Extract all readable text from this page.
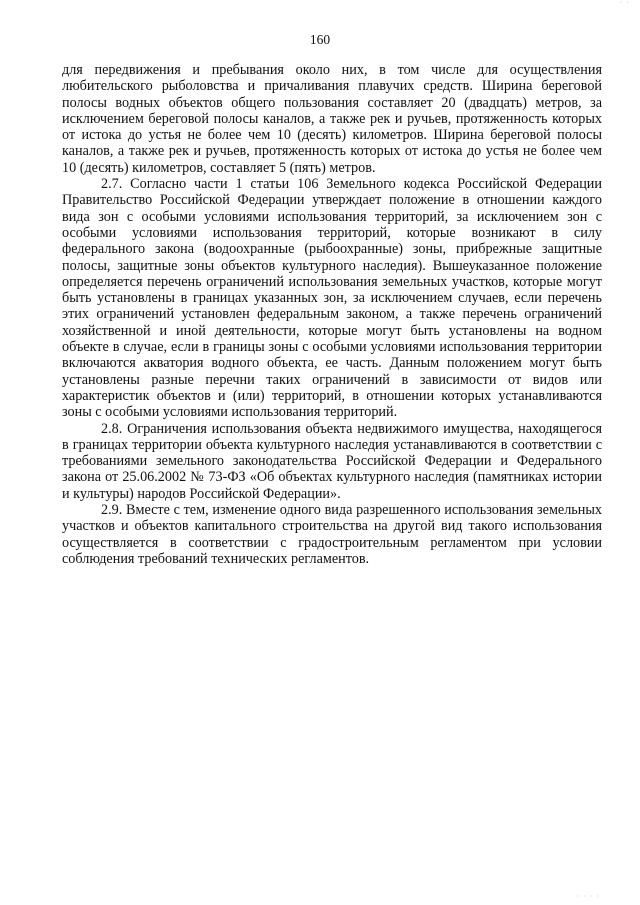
· ·
160

для передвижения и пребывания около них, в том числе для осуществления любительского рыболовства и причаливания плавучих средств. Ширина береговой полосы водных объектов общего пользования составляет 20 (двадцать) метров, за исключением береговой полосы каналов, а также рек и ручьев, протяженность которых от истока до устья не более чем 10 (десять) километров. Ширина береговой полосы каналов, а также рек и ручьев, протяженность которых от истока до устья не более чем 10 (десять) километров, составляет 5 (пять) метров.

2.7. Согласно части 1 статьи 106 Земельного кодекса Российской Федерации Правительство Российской Федерации утверждает положение в отношении каждого вида зон с особыми условиями использования территорий, за исключением зон с особыми условиями использования территорий, которые возникают в силу федерального закона (водоохранные (рыбоохранные) зоны, прибрежные защитные полосы, защитные зоны объектов культурного наследия). Вышеуказанное положение определяется перечень ограничений использования земельных участков, которые могут быть установлены в границах указанных зон, за исключением случаев, если перечень этих ограничений установлен федеральным законом, а также перечень ограничений хозяйственной и иной деятельности, которые могут быть установлены на водном объекте в случае, если в границы зоны с особыми условиями использования территории включаются акватория водного объекта, ее часть. Данным положением могут быть установлены разные перечни таких ограничений в зависимости от видов или характеристик объектов и (или) территорий, в отношении которых устанавливаются зоны с особыми условиями использования территорий.

2.8. Ограничения использования объекта недвижимого имущества, находящегося в границах территории объекта культурного наследия устанавливаются в соответствии с требованиями земельного законодательства Российской Федерации и Федерального закона от 25.06.2002 № 73-ФЗ «Об объектах культурного наследия (памятниках истории и культуры) народов Российской Федерации».

2.9. Вместе с тем, изменение одного вида разрешенного использования земельных участков и объектов капитального строительства на другой вид такого использования осуществляется в соответствии с градостроительным регламентом при условии соблюдения требований технических регламентов.

· · · ·
